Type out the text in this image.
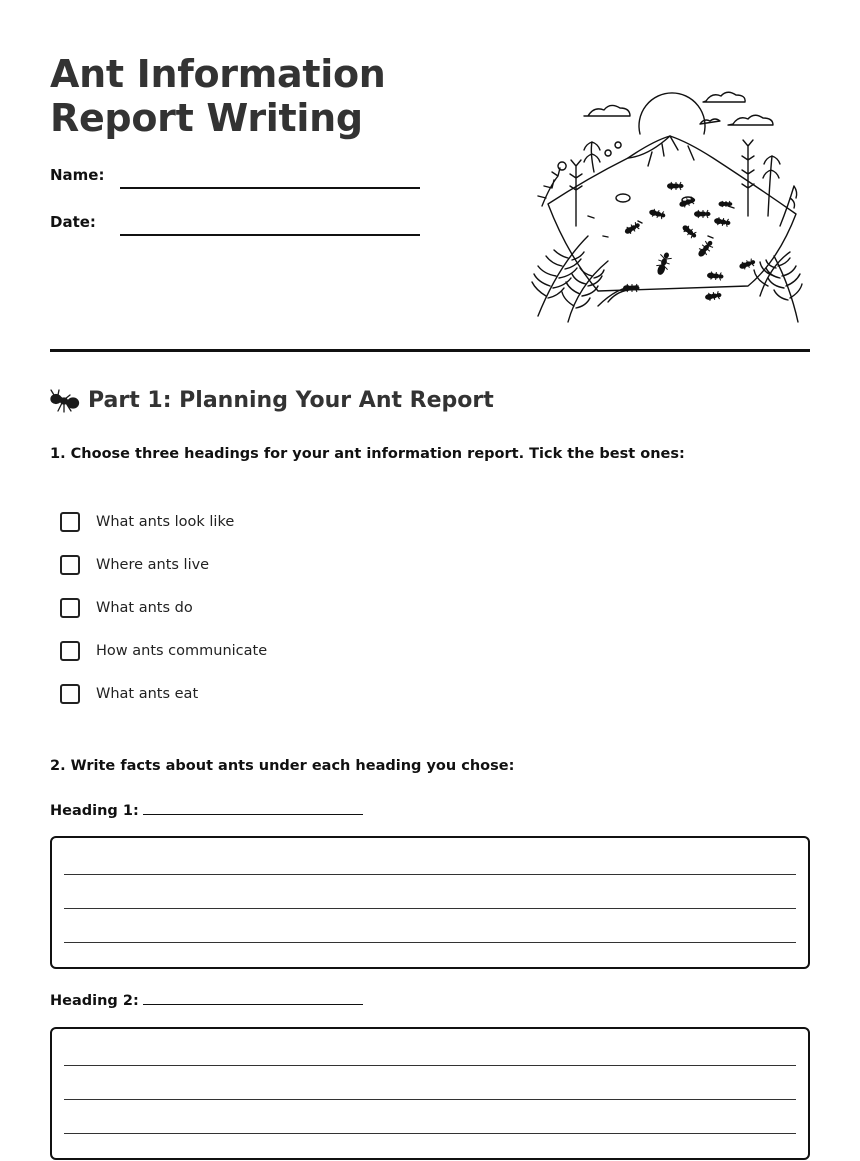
Ant Information Report Writing
Name:
Date:
Part 1: Planning Your Ant Report
1. Choose three headings for your ant information report. Tick the best ones:
What ants look like
Where ants live
What ants do
How ants communicate
What ants eat
2. Write facts about ants under each heading you chose:
Heading 1:
Heading 2:
